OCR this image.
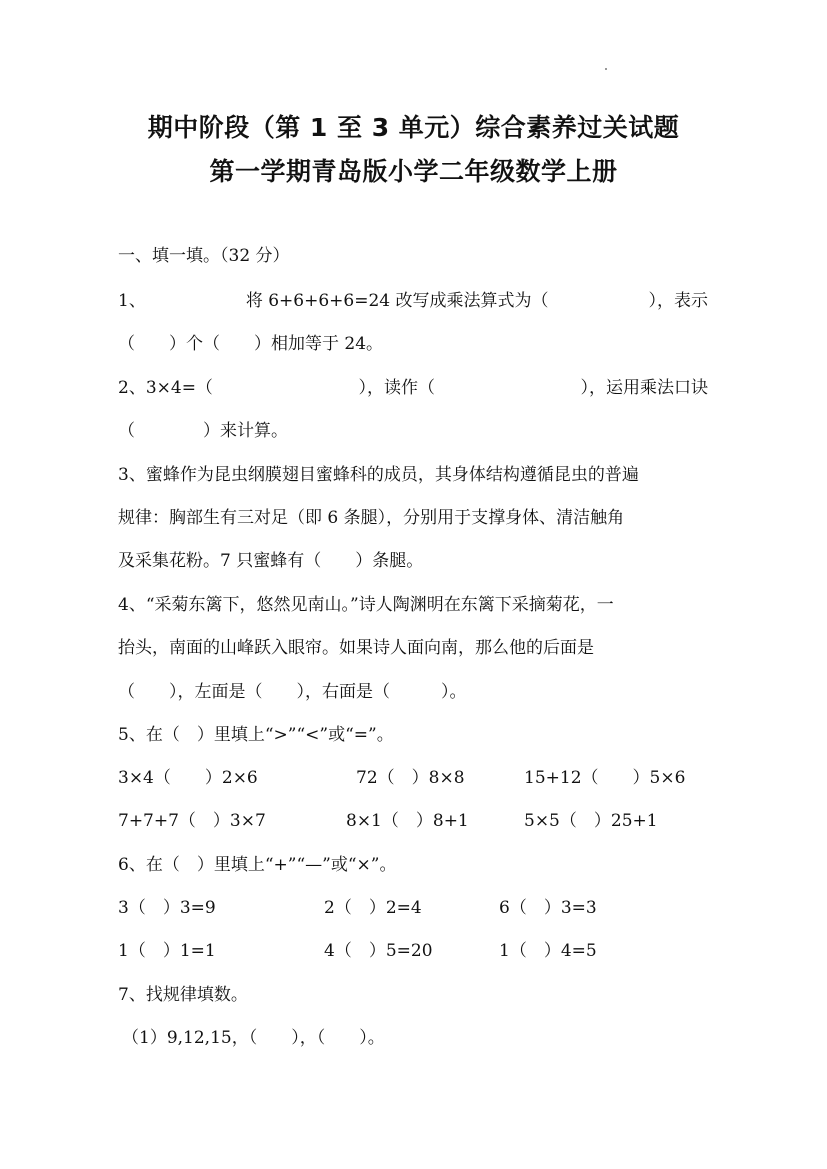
期中阶段（第 1 至 3 单元）综合素养过关试题
第一学期青岛版小学二年级数学上册
一、填一填。（32 分）
1、	将 6+6+6+6=24 改写成乘法算式为（	），表示
（　　）个（　　）相加等于 24。
2、3×4=（	），读作（	），运用乘法口诀
（　　　　）来计算。
3、蜜蜂作为昆虫纲膜翅目蜜蜂科的成员，其身体结构遵循昆虫的普遍
规律：胸部生有三对足（即 6 条腿），分别用于支撑身体、清洁触角
及采集花粉。7 只蜜蜂有（　　）条腿。
4、“采菊东篱下，悠然见南山。”诗人陶渊明在东篱下采摘菊花，一
抬头，南面的山峰跃入眼帘。如果诗人面向南，那么他的后面是
（　　），左面是（　　），右面是（　　　）。
5、在（　）里填上“>”“<”或“=”。
3×4（　　）2×6	72（　）8×8	15+12（　　）5×6
7+7+7（　）3×7	8×1（　）8+1	5×5（　）25+1
6、在（　）里填上“+”“—”或“×”。
3（　）3=9	2（　）2=4	6（　）3=3
1（　）1=1	4（　）5=20	1（　）4=5
7、找规律填数。
（1）9,12,15，（　　），（　　）。
